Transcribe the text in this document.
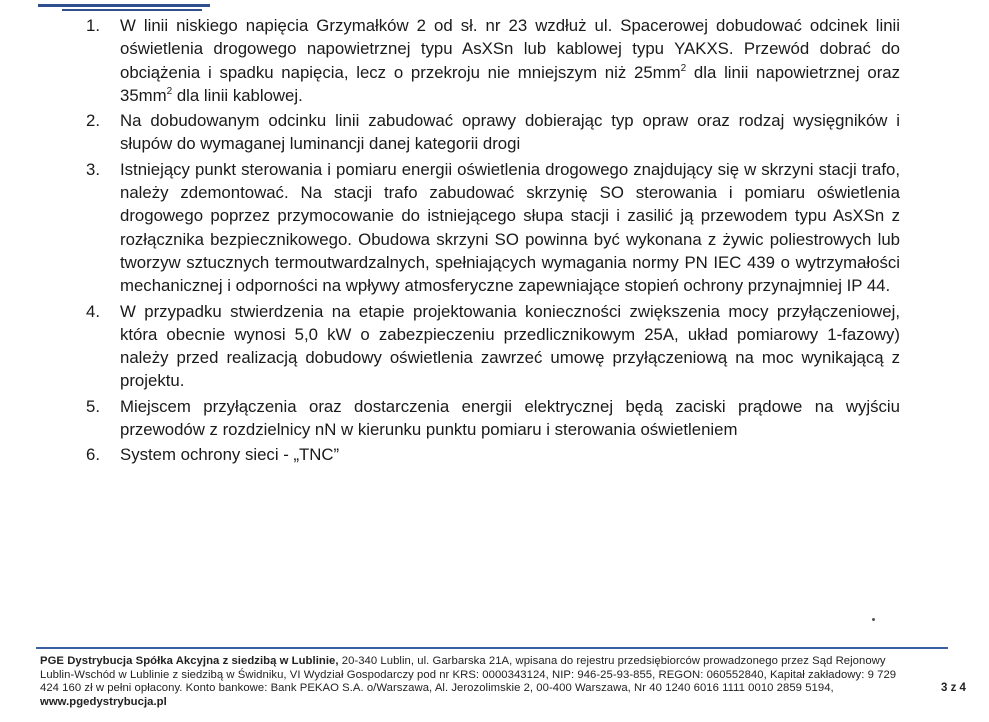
1. W linii niskiego napięcia Grzymałków 2 od sł. nr 23 wzdłuż ul. Spacerowej dobudować odcinek linii oświetlenia drogowego napowietrznej typu AsXSn lub kablowej typu YAKXS. Przewód dobrać do obciążenia i spadku napięcia, lecz o przekroju nie mniejszym niż $25mm^2$ dla linii napowietrznej oraz $35mm^2$ dla linii kablowej.
2. Na dobudowanym odcinku linii zabudować oprawy dobierając typ opraw oraz rodzaj wysięgników i słupów do wymaganej luminancji danej kategorii drogi
3. Istniejący punkt sterowania i pomiaru energii oświetlenia drogowego znajdujący się w skrzyni stacji trafo, należy zdemontować. Na stacji trafo zabudować skrzynię SO sterowania i pomiaru oświetlenia drogowego poprzez przymocowanie do istniejącego słupa stacji i zasilić ją przewodem typu AsXSn z rozłącznika bezpiecznikowego. Obudowa skrzyni SO powinna być wykonana z żywic poliestrowych lub tworzyw sztucznych termoutwardzalnych, spełniających wymagania normy PN IEC 439 o wytrzymałości mechanicznej i odporności na wpływy atmosferyczne zapewniające stopień ochrony przynajmniej IP 44.
4. W przypadku stwierdzenia na etapie projektowania konieczności zwiększenia mocy przyłączeniowej, która obecnie wynosi 5,0 kW o zabezpieczeniu przedlicznikowym 25A, układ pomiarowy 1-fazowy) należy przed realizacją dobudowy oświetlenia zawrzeć umowę przyłączeniową na moc wynikającą z projektu.
5. Miejscem przyłączenia oraz dostarczenia energii elektrycznej będą zaciski prądowe na wyjściu przewodów z rozdzielnicy nN w kierunku punktu pomiaru i sterowania oświetleniem
6. System ochrony sieci - „TNC”
PGE Dystrybucja Spółka Akcyjna z siedzibą w Lublinie, 20-340 Lublin, ul. Garbarska 21A, wpisana do rejestru przedsiębiorców prowadzonego przez Sąd Rejonowy Lublin-Wschód w Lublinie z siedzibą w Świdniku, VI Wydział Gospodarczy pod nr KRS: 0000343124, NIP: 946-25-93-855, REGON: 060552840, Kapitał zakładowy: 9 729 424 160 zł w pełni opłacony. Konto bankowe: Bank PEKAO S.A. o/Warszawa, Al. Jerozolimskie 2, 00-400 Warszawa, Nr 40 1240 6016 1111 0010 2859 5194, www.pgedystrybucja.pl
3 z 4
